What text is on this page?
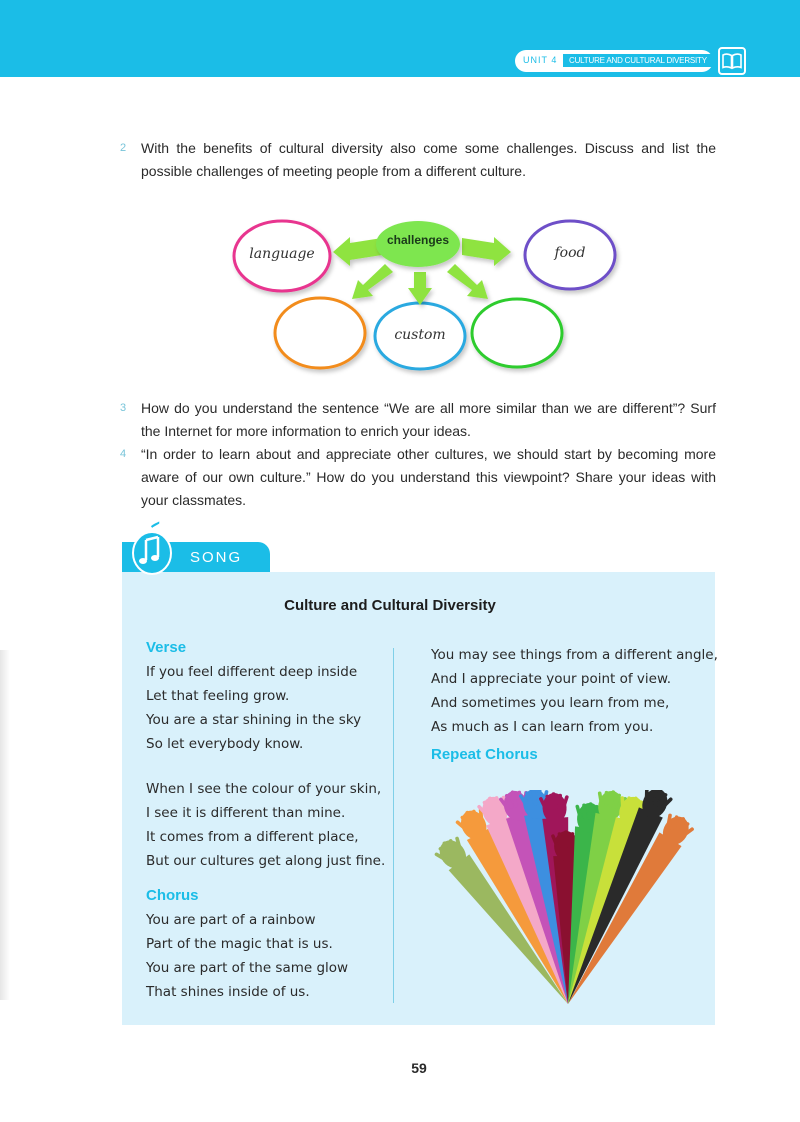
UNIT 4	CULTURE AND CULTURAL DIVERSITY
2 With the benefits of cultural diversity also come some challenges. Discuss and list the possible challenges of meeting people from a different culture.
challenges
language	food
custom
3 How do you understand the sentence “We are all more similar than we are different”? Surf the Internet for more information to enrich your ideas.
4 “In order to learn about and appreciate other cultures, we should start by becoming more aware of our own culture.” How do you understand this viewpoint? Share your ideas with your classmates.
SONG
Culture and Cultural Diversity
Verse
If you feel different deep inside
Let that feeling grow.
You are a star shining in the sky
So let everybody know.
When I see the colour of your skin,
I see it is different than mine.
It comes from a different place,
But our cultures get along just fine.
Chorus
You are part of a rainbow
Part of the magic that is us.
You are part of the same glow
That shines inside of us.
You may see things from a different angle,
And I appreciate your point of view.
And sometimes you learn from me,
As much as I can learn from you.
Repeat Chorus
59
